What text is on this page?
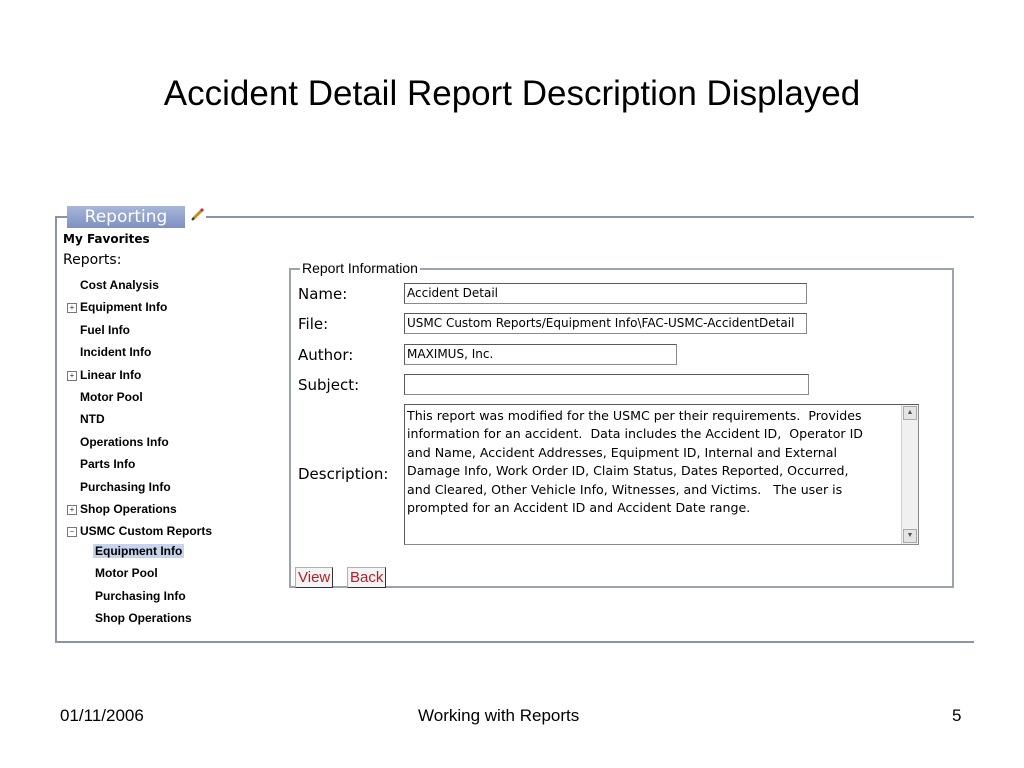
Accident Detail Report Description Displayed
Reporting
My Favorites
Reports:
Cost Analysis
+ Equipment Info
Fuel Info
Incident Info
+ Linear Info
Motor Pool
NTD
Operations Info
Parts Info
Purchasing Info
+ Shop Operations
− USMC Custom Reports
Equipment Info
Motor Pool
Purchasing Info
Shop Operations
Report Information
Name:	Accident Detail
File:	USMC Custom Reports/Equipment Info\FAC-USMC-AccidentDetail
Author:	MAXIMUS, Inc.
Subject:
Description:
This report was modified for the USMC per their requirements.  Provides
information for an accident.  Data includes the Accident ID,  Operator ID
and Name, Accident Addresses, Equipment ID, Internal and External
Damage Info, Work Order ID, Claim Status, Dates Reported, Occurred,
and Cleared, Other Vehicle Info, Witnesses, and Victims.   The user is
prompted for an Accident ID and Accident Date range.
▲
▼
View Back
01/11/2006	Working with Reports	5
